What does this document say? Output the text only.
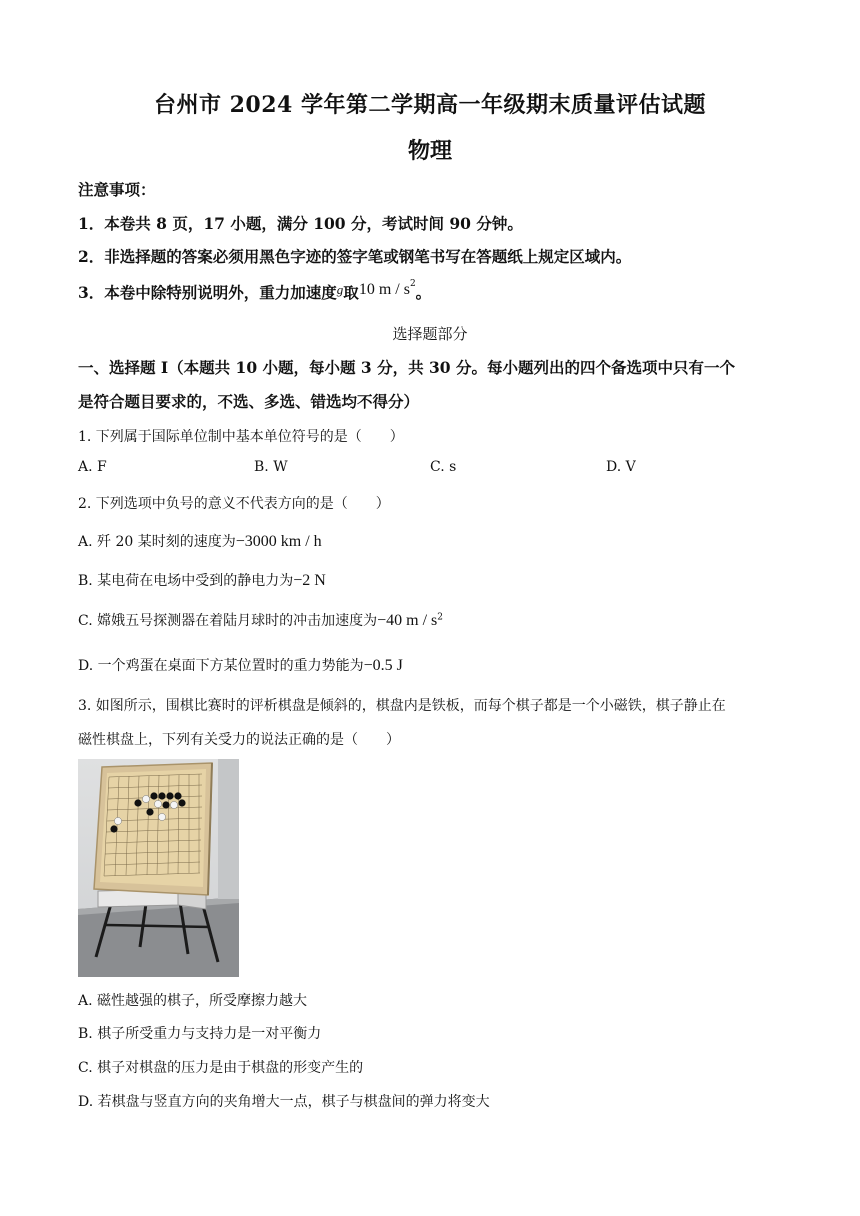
台州市 2024 学年第二学期高一年级期末质量评估试题
物理
注意事项：
1．本卷共 8 页，17 小题，满分 100 分，考试时间 90 分钟。
2．非选择题的答案必须用黑色字迹的签字笔或钢笔书写在答题纸上规定区域内。
3．本卷中除特别说明外，重力加速度$^g$取10 m / $s^2$。
选择题部分
一、选择题 I（本题共 10 小题，每小题 3 分，共 30 分。每小题列出的四个备选项中只有一个
是符合题目要求的，不选、多选、错选均不得分）
1. 下列属于国际单位制中基本单位符号的是（　　）
A. F	B. W	C. s	D. V
2. 下列选项中负号的意义不代表方向的是（　　）
A. 歼 20 某时刻的速度为−3000 km / h
B. 某电荷在电场中受到的静电力为−2 N
C. 嫦娥五号探测器在着陆月球时的冲击加速度为−40 m / $s^2$
D. 一个鸡蛋在桌面下方某位置时的重力势能为−0.5 J
3. 如图所示，围棋比赛时的评析棋盘是倾斜的，棋盘内是铁板，而每个棋子都是一个小磁铁，棋子静止在
磁性棋盘上，下列有关受力的说法正确的是（　　）
A. 磁性越强的棋子，所受摩擦力越大
B. 棋子所受重力与支持力是一对平衡力
C. 棋子对棋盘的压力是由于棋盘的形变产生的
D. 若棋盘与竖直方向的夹角增大一点，棋子与棋盘间的弹力将变大
